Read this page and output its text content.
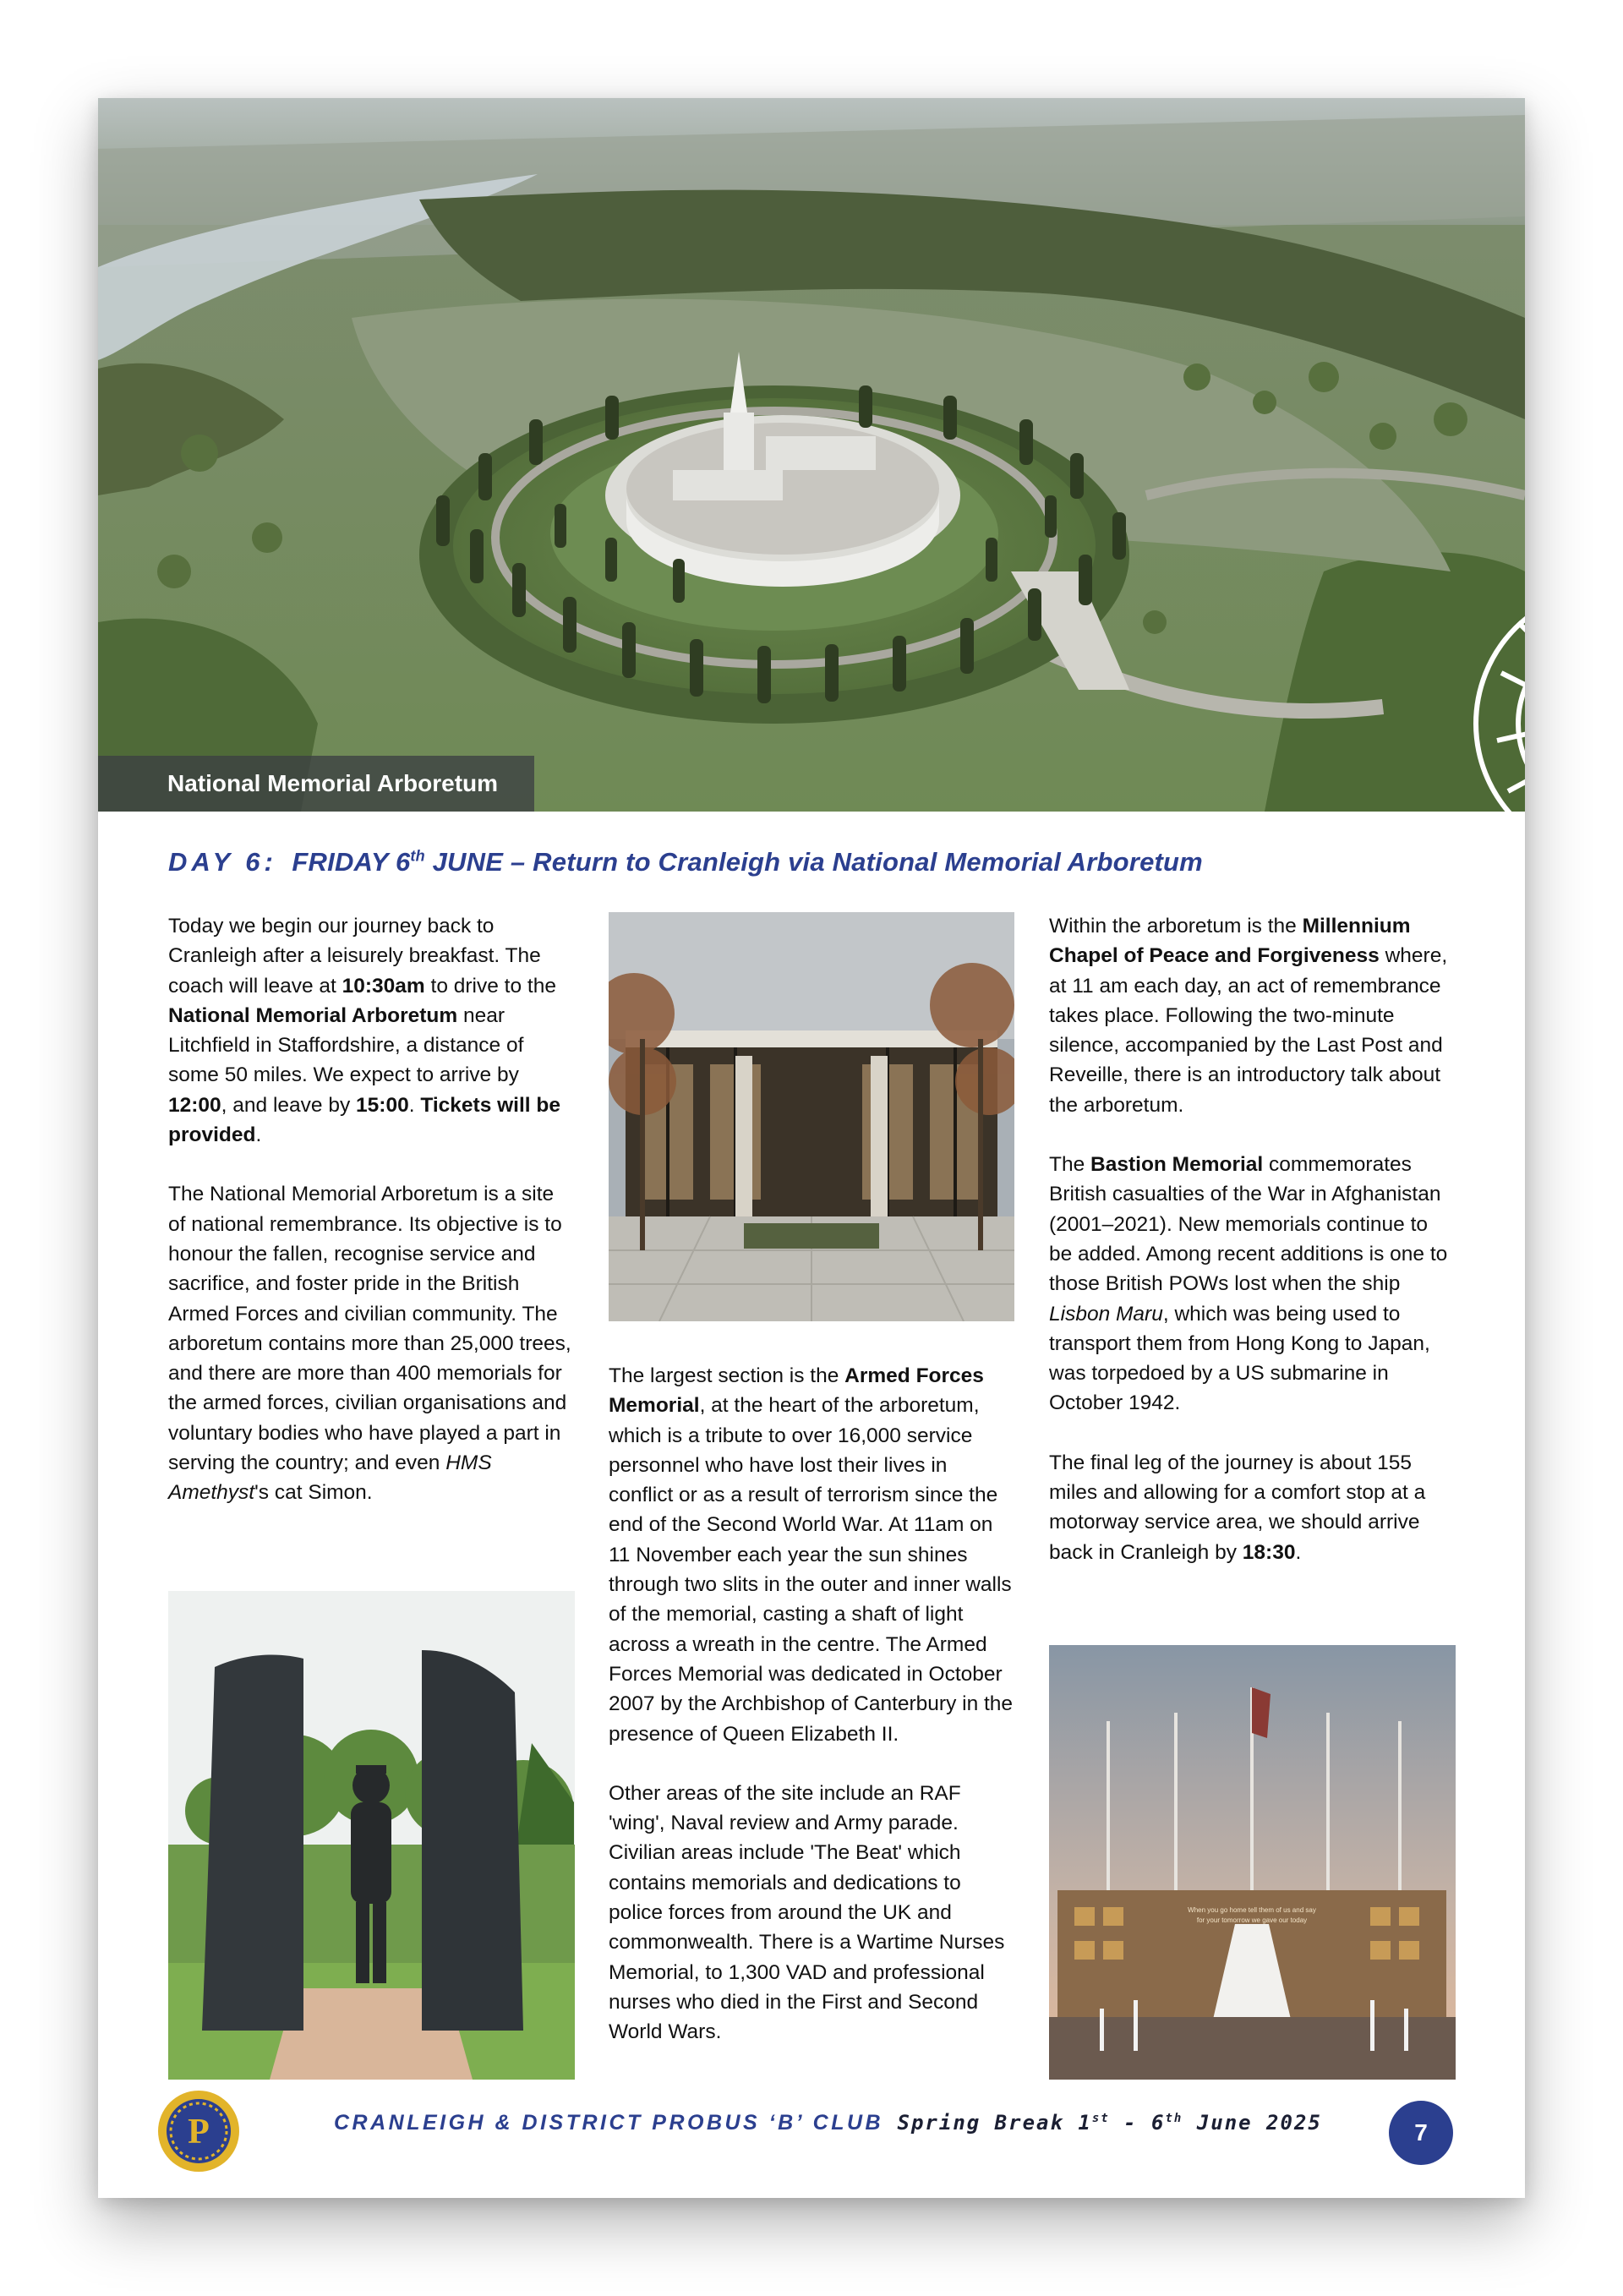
National Memorial Arboretum
DAY 6: FRIDAY 6th JUNE – Return to Cranleigh via National Memorial Arboretum

Today we begin our journey back to Cranleigh after a leisurely breakfast. The coach will leave at 10:30am to drive to the National Memorial Arboretum near Litchfield in Staffordshire, a distance of some 50 miles. We expect to arrive by 12:00, and leave by 15:00. Tickets will be provided.

The National Memorial Arboretum is a site of national remembrance. Its objective is to honour the fallen, recognise service and sacrifice, and foster pride in the British Armed Forces and civilian community. The arboretum contains more than 25,000 trees, and there are more than 400 memorials for the armed forces, civilian organisations and voluntary bodies who have played a part in serving the country; and even HMS Amethyst's cat Simon.

The largest section is the Armed Forces Memorial, at the heart of the arboretum, which is a tribute to over 16,000 service personnel who have lost their lives in conflict or as a result of terrorism since the end of the Second World War. At 11am on 11 November each year the sun shines through two slits in the outer and inner walls of the memorial, casting a shaft of light across a wreath in the centre. The Armed Forces Memorial was dedicated in October 2007 by the Archbishop of Canterbury in the presence of Queen Elizabeth II.

Other areas of the site include an RAF 'wing', Naval review and Army parade. Civilian areas include 'The Beat' which contains memorials and dedications to police forces from around the UK and commonwealth. There is a Wartime Nurses Memorial, to 1,300 VAD and professional nurses who died in the First and Second World Wars.

Within the arboretum is the Millennium Chapel of Peace and Forgiveness where, at 11 am each day, an act of remembrance takes place. Following the two-minute silence, accompanied by the Last Post and Reveille, there is an introductory talk about the arboretum.

The Bastion Memorial commemorates British casualties of the War in Afghanistan (2001–2021). New memorials continue to be added. Among recent additions is one to those British POWs lost when the ship Lisbon Maru, which was being used to transport them from Hong Kong to Japan, was torpedoed by a US submarine in October 1942.

The final leg of the journey is about 155 miles and allowing for a comfort stop at a motorway service area, we should arrive back in Cranleigh by 18:30.

When you go home tell them of us and say
for your tomorrow we gave our today
P	CRANLEIGH & DISTRICT PROBUS ‘B’ CLUB Spring Break 1st - 6th June 2025	7
